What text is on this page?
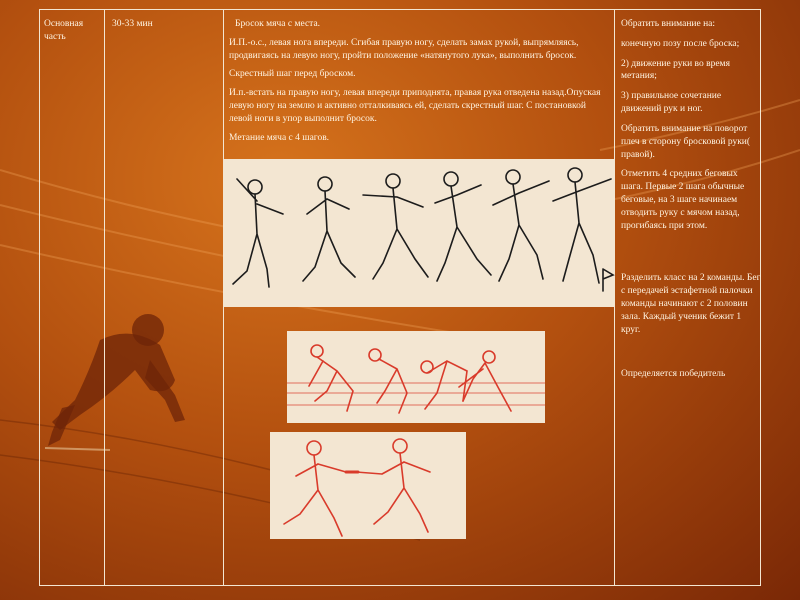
Основная часть
30-33 мин	Бросок мяча с места.

И.П.-о.с., левая нога впереди. Сгибая правую ногу, сделать замах рукой, выпрямляясь, продвигаясь на левую ногу, пройти положение «натянутого лука», выполнить бросок.

Скрестный шаг перед броском.

И.п.-встать на правую ногу, левая впереди приподнята, правая рука отведена назад.Опуская левую ногу на землю и активно отталкиваясь ей, сделать скрестный шаг. С постановкой левой ноги в упор выполнит бросок.

Метание мяча с 4 шагов.

Обратить внимание на:

конечную позу после броска;

2) движение руки во время метания;

3) правильное сочетание движений рук и ног.

Обратить внимание на поворот плеч в сторону бросковой руки( правой).

Отметить 4 средних беговых шага. Первые 2 шага обычные беговые, на 3 шаге начинаем отводить руку с мячом назад, прогибаясь при этом.

Разделить класс на 2 команды. Бег с передачей эстафетной палочки команды начинают с 2 половин зала. Каждый ученик бежит 1 круг.

Определяется победитель
